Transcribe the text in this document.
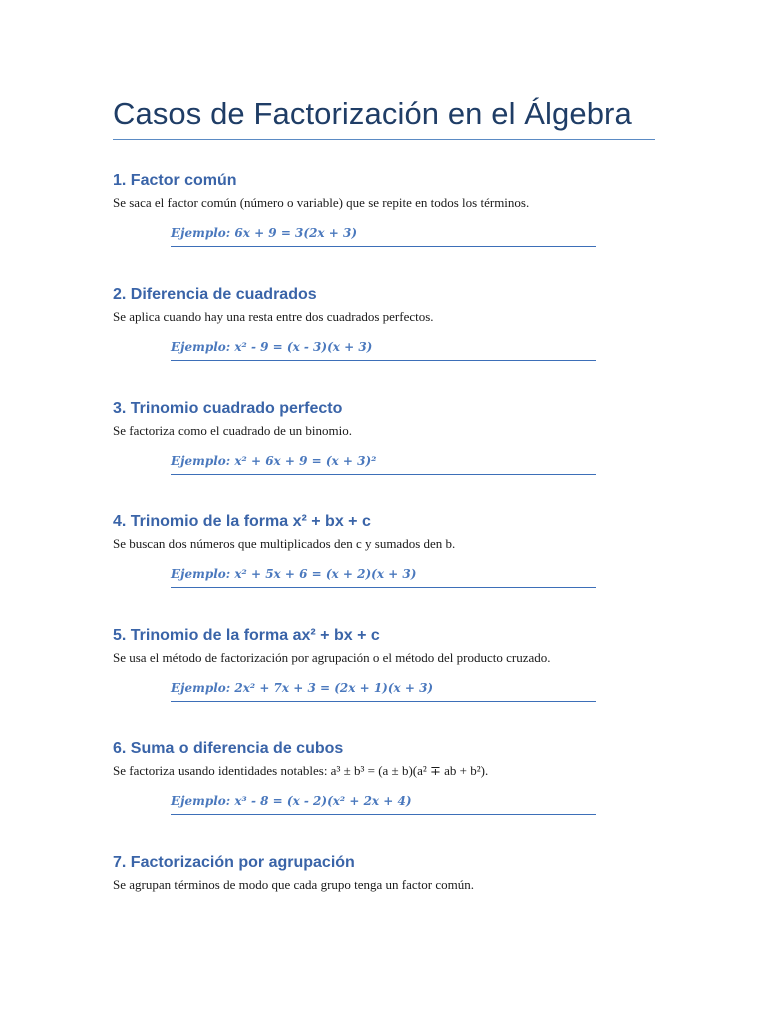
Casos de Factorización en el Álgebra
1. Factor común

Se saca el factor común (número o variable) que se repite en todos los términos.

Ejemplo: 6x + 9 = 3(2x + 3)
2. Diferencia de cuadrados

Se aplica cuando hay una resta entre dos cuadrados perfectos.

Ejemplo: x² - 9 = (x - 3)(x + 3)
3. Trinomio cuadrado perfecto

Se factoriza como el cuadrado de un binomio.

Ejemplo: x² + 6x + 9 = (x + 3)²
4. Trinomio de la forma x² + bx + c

Se buscan dos números que multiplicados den c y sumados den b.

Ejemplo: x² + 5x + 6 = (x + 2)(x + 3)
5. Trinomio de la forma ax² + bx + c

Se usa el método de factorización por agrupación o el método del producto cruzado.

Ejemplo: 2x² + 7x + 3 = (2x + 1)(x + 3)
6. Suma o diferencia de cubos

Se factoriza usando identidades notables: a³ ± b³ = (a ± b)(a² ∓ ab + b²).

Ejemplo: x³ - 8 = (x - 2)(x² + 2x + 4)
7. Factorización por agrupación

Se agrupan términos de modo que cada grupo tenga un factor común.
